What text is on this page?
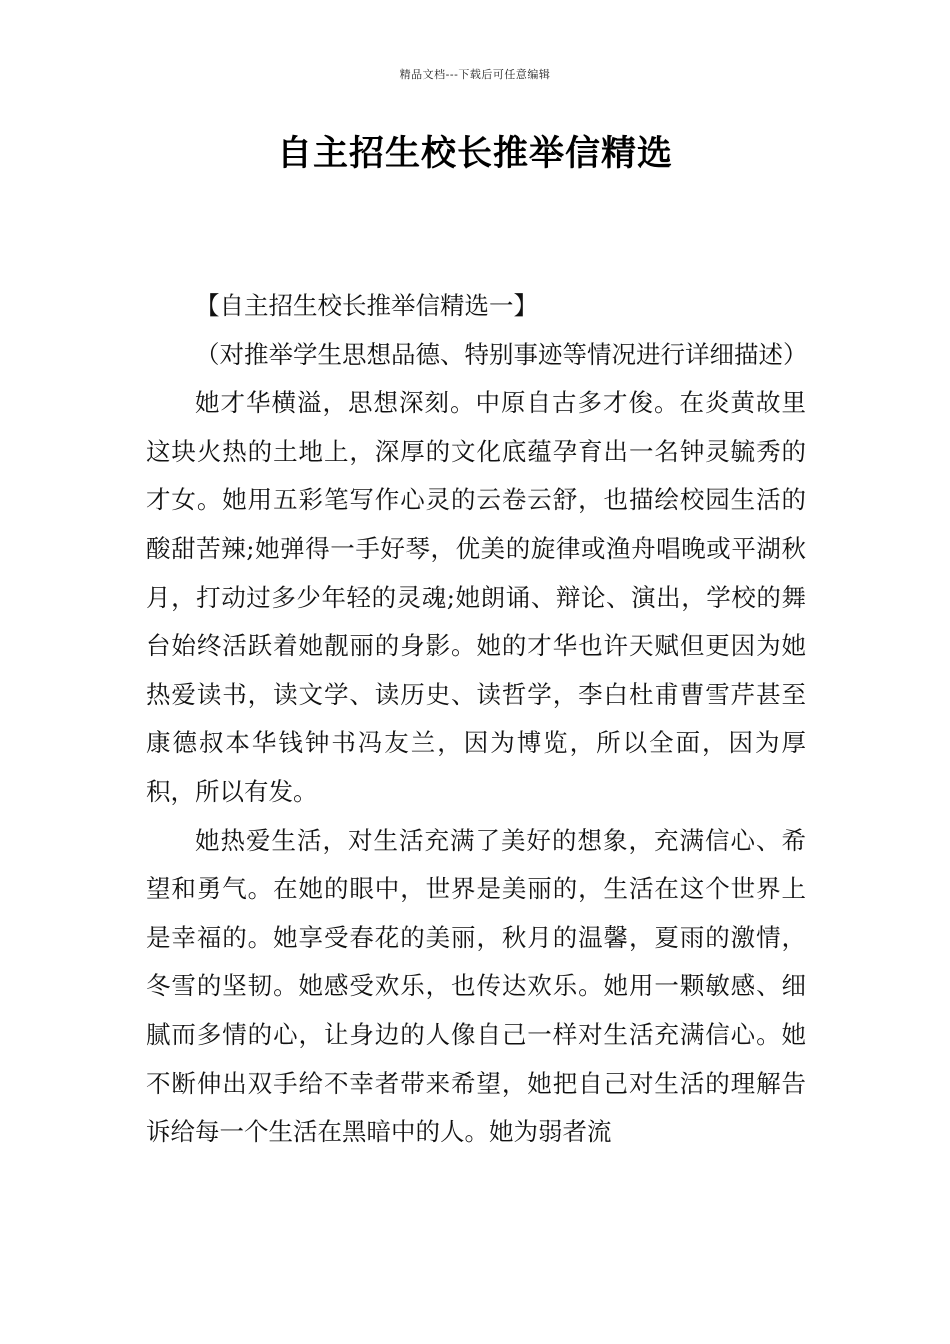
精品文档---下载后可任意编辑
自主招生校长推举信精选

【自主招生校长推举信精选一】

（对推举学生思想品德、特别事迹等情况进行详细描述）

她才华横溢，思想深刻。中原自古多才俊。在炎黄故里这块火热的土地上，深厚的文化底蕴孕育出一名钟灵毓秀的才女。她用五彩笔写作心灵的云卷云舒，也描绘校园生活的酸甜苦辣;她弹得一手好琴，优美的旋律或渔舟唱晚或平湖秋月，打动过多少年轻的灵魂;她朗诵、辩论、演出，学校的舞台始终活跃着她靓丽的身影。她的才华也许天赋但更因为她热爱读书，读文学、读历史、读哲学，李白杜甫曹雪芹甚至康德叔本华钱钟书冯友兰，因为博览，所以全面，因为厚积，所以有发。

她热爱生活，对生活充满了美好的想象，充满信心、希望和勇气。在她的眼中，世界是美丽的，生活在这个世界上是幸福的。她享受春花的美丽，秋月的温馨，夏雨的激情，冬雪的坚韧。她感受欢乐，也传达欢乐。她用一颗敏感、细腻而多情的心，让身边的人像自己一样对生活充满信心。她不断伸出双手给不幸者带来希望，她把自己对生活的理解告诉给每一个生活在黑暗中的人。她为弱者流
